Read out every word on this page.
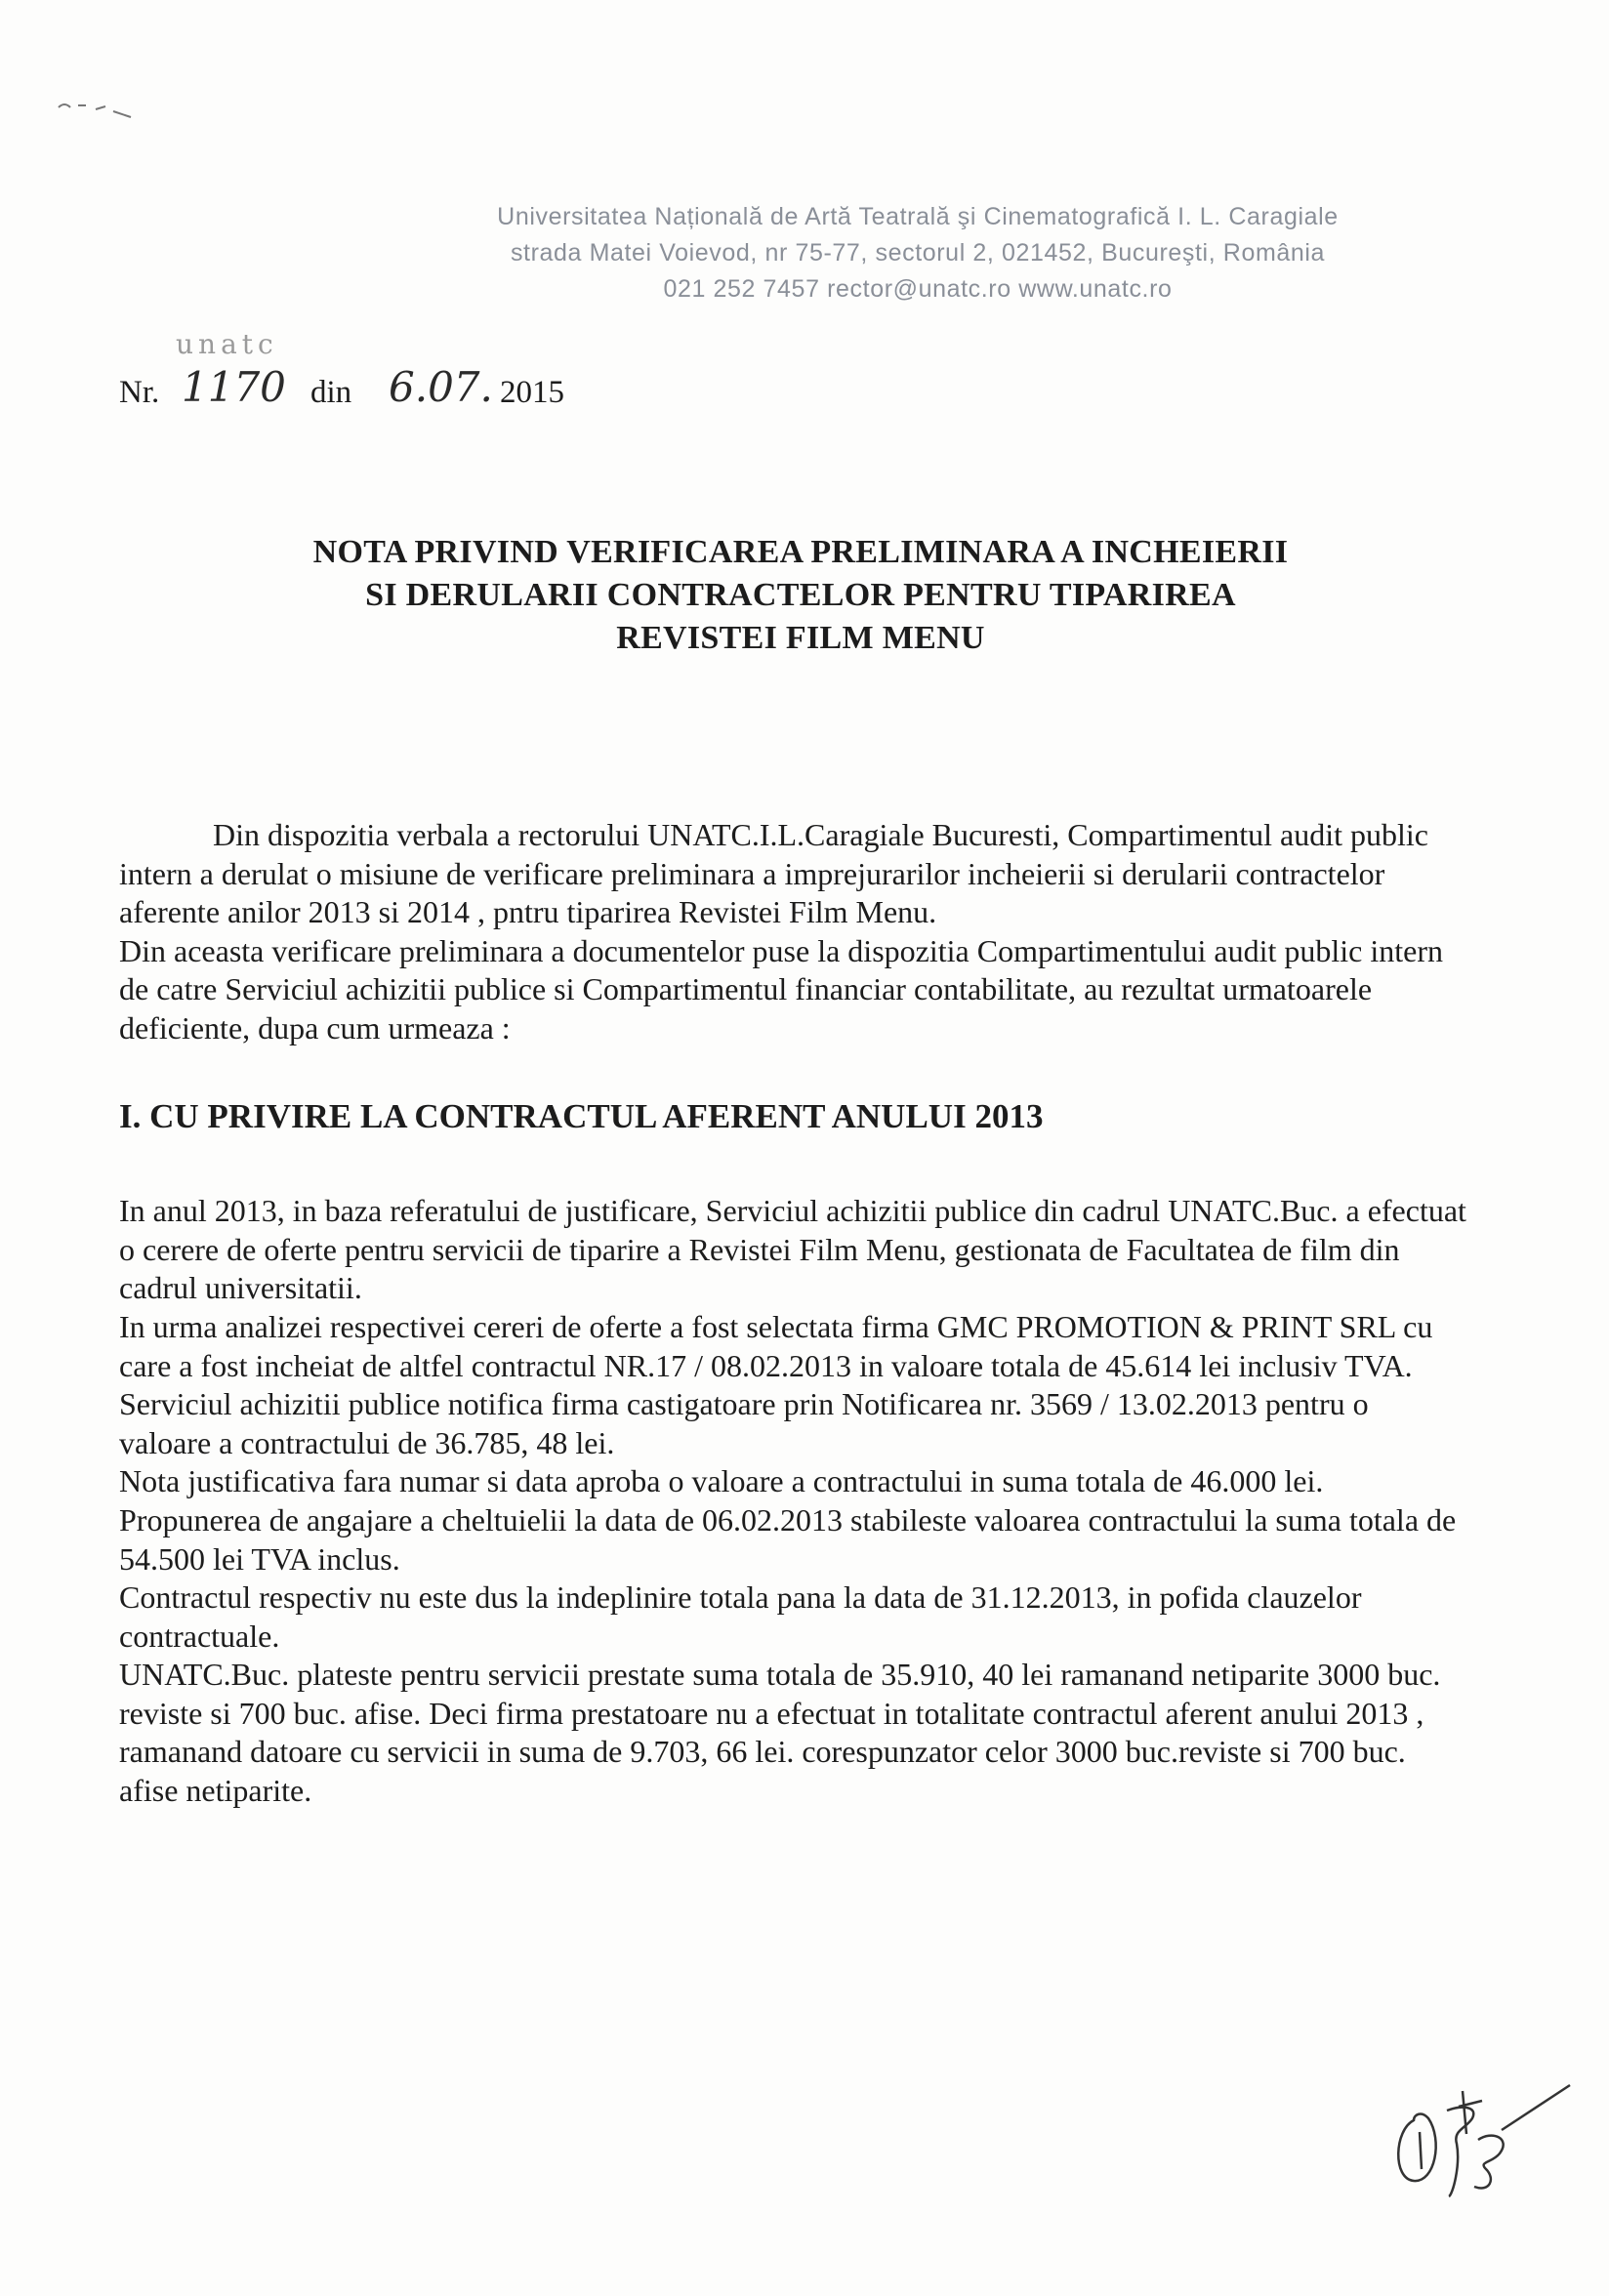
Universitatea Națională de Artă Teatrală şi Cinematografică I. L. Caragiale
strada Matei Voievod, nr 75-77, sectorul 2, 021452, Bucureşti, România
021 252 7457 rector@unatc.ro www.unatc.ro
unatc
Nr. 1170 din 6.07. 2015
NOTA PRIVIND VERIFICAREA PRELIMINARA A INCHEIERII
SI DERULARII CONTRACTELOR PENTRU TIPARIREA
REVISTEI FILM MENU

Din dispozitia verbala a rectorului UNATC.I.L.Caragiale Bucuresti, Compartimentul audit public intern a derulat o misiune de verificare preliminara a imprejurarilor incheierii si derularii contractelor aferente anilor 2013 si 2014 , pntru tiparirea Revistei Film Menu.

Din aceasta verificare preliminara a documentelor puse la dispozitia Compartimentului audit public intern de catre Serviciul achizitii publice si Compartimentul financiar contabilitate, au rezultat urmatoarele deficiente, dupa cum urmeaza :

I. CU PRIVIRE LA CONTRACTUL AFERENT ANULUI 2013

In anul 2013, in baza referatului de justificare, Serviciul achizitii publice din cadrul UNATC.Buc. a efectuat o cerere de oferte pentru servicii de tiparire a Revistei Film Menu, gestionata de Facultatea de film din cadrul universitatii.

In urma analizei respectivei cereri de oferte a fost selectata firma GMC PROMOTION & PRINT SRL cu care a fost incheiat de altfel contractul NR.17 / 08.02.2013 in valoare totala de 45.614 lei inclusiv TVA.

Serviciul achizitii publice notifica firma castigatoare prin Notificarea nr. 3569 / 13.02.2013 pentru o valoare a contractului de 36.785, 48 lei.

Nota justificativa fara numar si data aproba o valoare a contractului in suma totala de 46.000 lei.

Propunerea de angajare a cheltuielii la data de 06.02.2013 stabileste valoarea contractului la suma totala de 54.500 lei TVA inclus.

Contractul respectiv nu este dus la indeplinire totala pana la data de 31.12.2013, in pofida clauzelor contractuale.

UNATC.Buc. plateste pentru servicii prestate suma totala de 35.910, 40 lei ramanand netiparite 3000 buc. reviste si 700 buc. afise. Deci firma prestatoare nu a efectuat in totalitate contractul aferent anului 2013 , ramanand datoare cu servicii in suma de 9.703, 66 lei. corespunzator celor 3000 buc.reviste si 700 buc. afise netiparite.
